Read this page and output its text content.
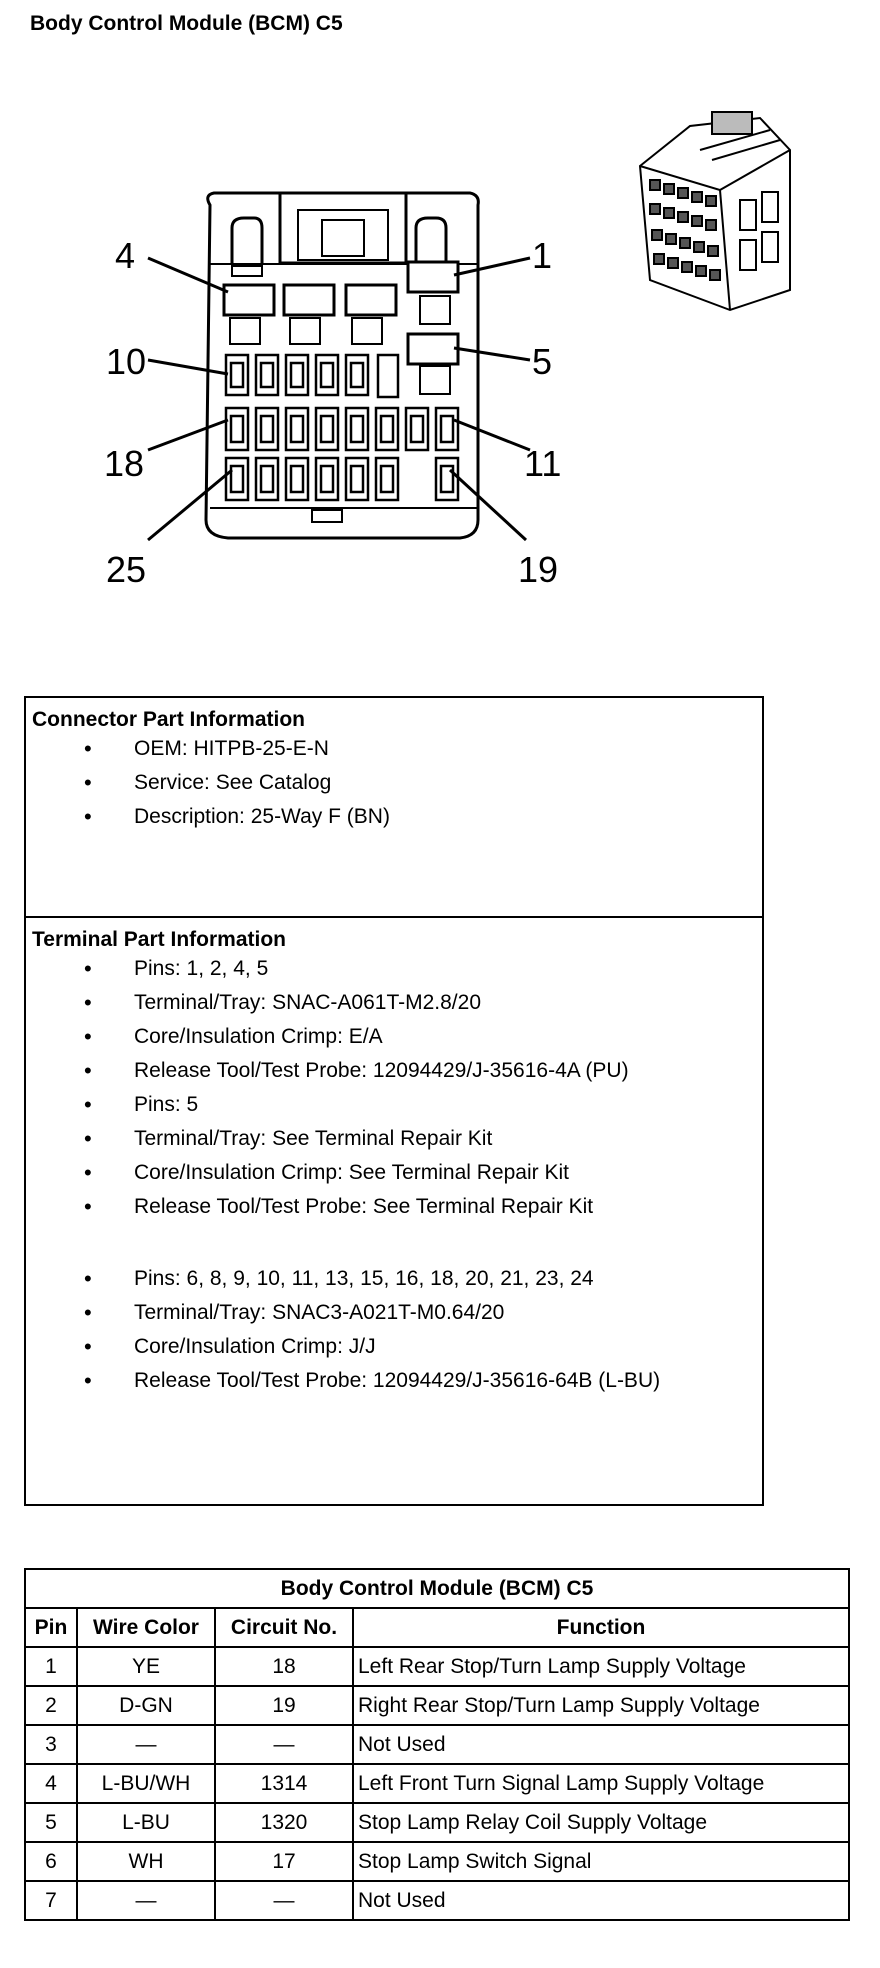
Body Control Module (BCM) C5
4	1
10	5
18	11
25	19
Connector Part Information
• OEM: HITPB-25-E-N
• Service: See Catalog
• Description: 25-Way F (BN)
Terminal Part Information
• Pins: 1, 2, 4, 5
• Terminal/Tray: SNAC-A061T-M2.8/20
• Core/Insulation Crimp: E/A
• Release Tool/Test Probe: 12094429/J-35616-4A (PU)
• Pins: 5
• Terminal/Tray: See Terminal Repair Kit
• Core/Insulation Crimp: See Terminal Repair Kit
• Release Tool/Test Probe: See Terminal Repair Kit
• Pins: 6, 8, 9, 10, 11, 13, 15, 16, 18, 20, 21, 23, 24
• Terminal/Tray: SNAC3-A021T-M0.64/20
• Core/Insulation Crimp: J/J
• Release Tool/Test Probe: 12094429/J-35616-64B (L-BU)
Body Control Module (BCM) C5			
Pin	Wire Color	Circuit No.	Function
1	YE	18	Left Rear Stop/Turn Lamp Supply Voltage
2	D-GN	19	Right Rear Stop/Turn Lamp Supply Voltage
3	—	—	Not Used
4	L-BU/WH	1314	Left Front Turn Signal Lamp Supply Voltage
5	L-BU	1320	Stop Lamp Relay Coil Supply Voltage
6	WH	17	Stop Lamp Switch Signal
7	—	—	Not Used
